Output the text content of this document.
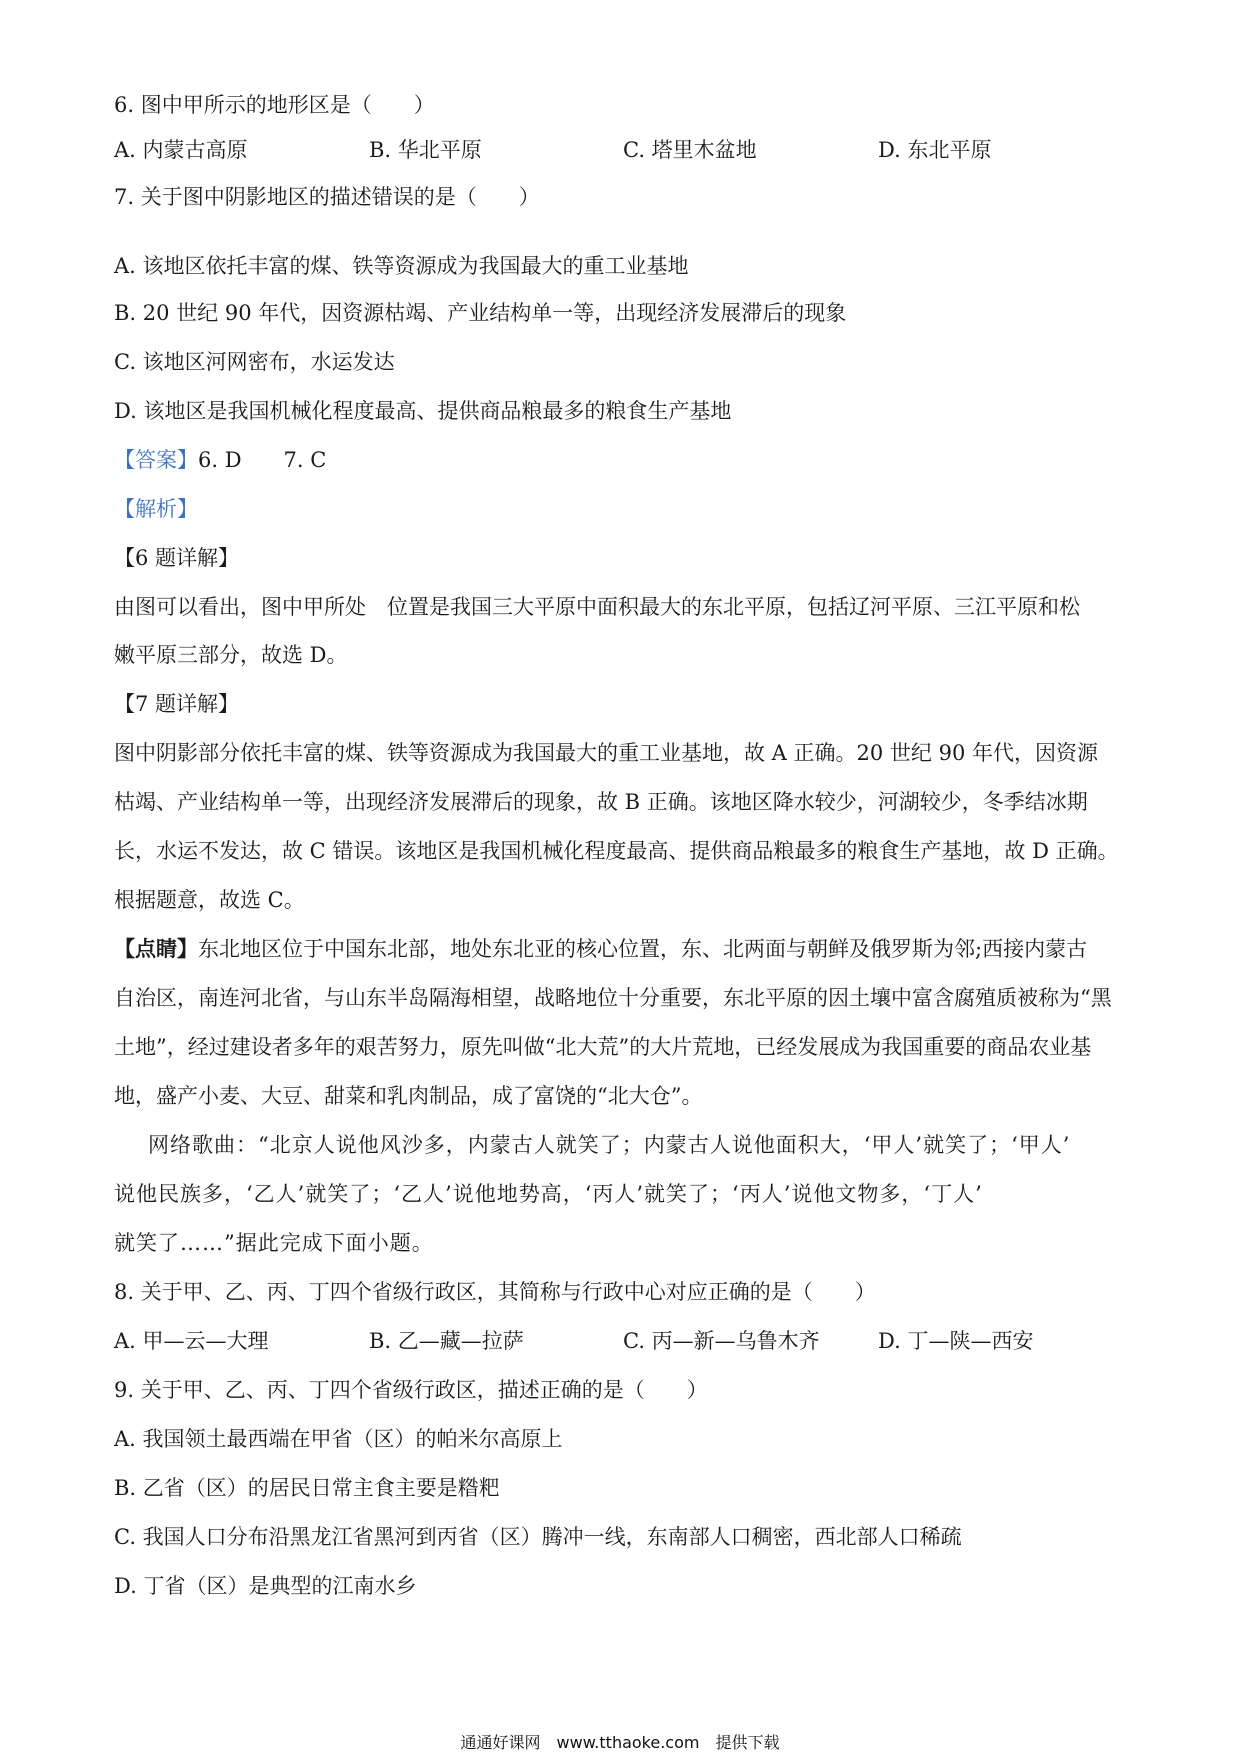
6. 图中甲所示的地形区是（　　）
A. 内蒙古高原	B. 华北平原	C. 塔里木盆地	D. 东北平原
7. 关于图中阴影地区的描述错误的是（　　）
A. 该地区依托丰富的煤、铁等资源成为我国最大的重工业基地
B. 20 世纪 90 年代，因资源枯竭、产业结构单一等，出现经济发展滞后的现象
C. 该地区河网密布，水运发达
D. 该地区是我国机械化程度最高、提供商品粮最多的粮食生产基地
【答案】6. D　　7. C
【解析】
【6 题详解】
由图可以看出，图中甲所处　位置是我国三大平原中面积最大的东北平原，包括辽河平原、三江平原和松
嫩平原三部分，故选 D。
【7 题详解】
图中阴影部分依托丰富的煤、铁等资源成为我国最大的重工业基地，故 A 正确。20 世纪 90 年代，因资源
枯竭、产业结构单一等，出现经济发展滞后的现象，故 B 正确。该地区降水较少，河湖较少，冬季结冰期
长，水运不发达，故 C 错误。该地区是我国机械化程度最高、提供商品粮最多的粮食生产基地，故 D 正确。
根据题意，故选 C。
【点睛】东北地区位于中国东北部，地处东北亚的核心位置，东、北两面与朝鲜及俄罗斯为邻;西接内蒙古
自治区，南连河北省，与山东半岛隔海相望，战略地位十分重要，东北平原的因土壤中富含腐殖质被称为“黑
土地”，经过建设者多年的艰苦努力，原先叫做“北大荒”的大片荒地，已经发展成为我国重要的商品农业基
地，盛产小麦、大豆、甜菜和乳肉制品，成了富饶的“北大仓”。
网络歌曲：“北京人说他风沙多，内蒙古人就笑了；内蒙古人说他面积大，‘甲人’就笑了；‘甲人’
说他民族多，‘乙人’就笑了；‘乙人’说他地势高，‘丙人’就笑了；‘丙人’说他文物多，‘丁人’
就笑了……”据此完成下面小题。
8. 关于甲、乙、丙、丁四个省级行政区，其简称与行政中心对应正确的是（　　）
A. 甲—云—大理	B. 乙—藏—拉萨	C. 丙—新—乌鲁木齐	D. 丁—陕—西安
9. 关于甲、乙、丙、丁四个省级行政区，描述正确的是（　　）
A. 我国领土最西端在甲省（区）的帕米尔高原上
B. 乙省（区）的居民日常主食主要是糌粑
C. 我国人口分布沿黑龙江省黑河到丙省（区）腾冲一线，东南部人口稠密，西北部人口稀疏
D. 丁省（区）是典型的江南水乡
通通好课网　www.tthaoke.com　提供下载
